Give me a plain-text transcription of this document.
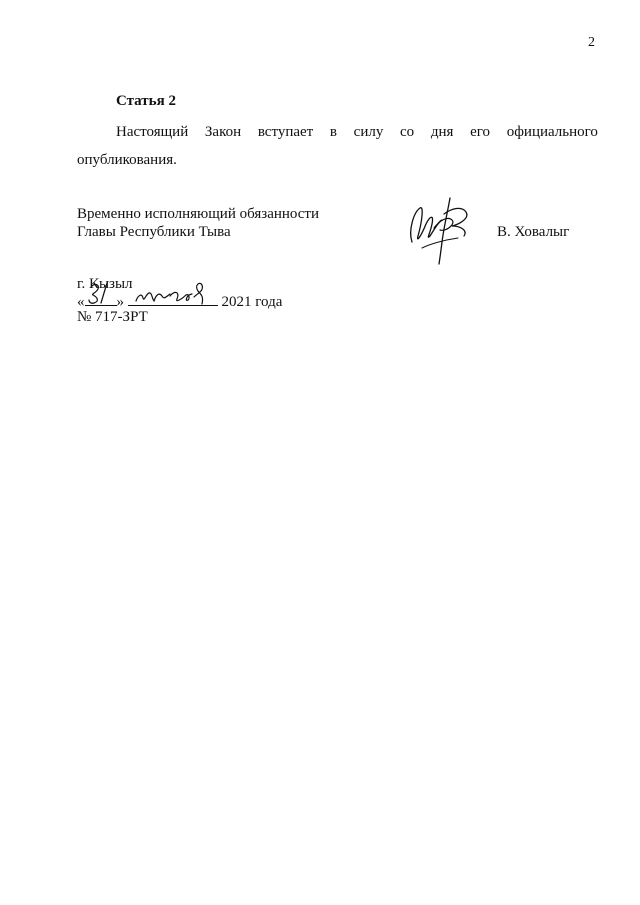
2
Статья 2
Настоящий Закон вступает в силу со дня его официального
опубликования.
Временно исполняющий обязанности
Главы Республики Тыва	В. Ховалыг
г. Кызыл
« »	2021 года
№ 717-ЗРТ
